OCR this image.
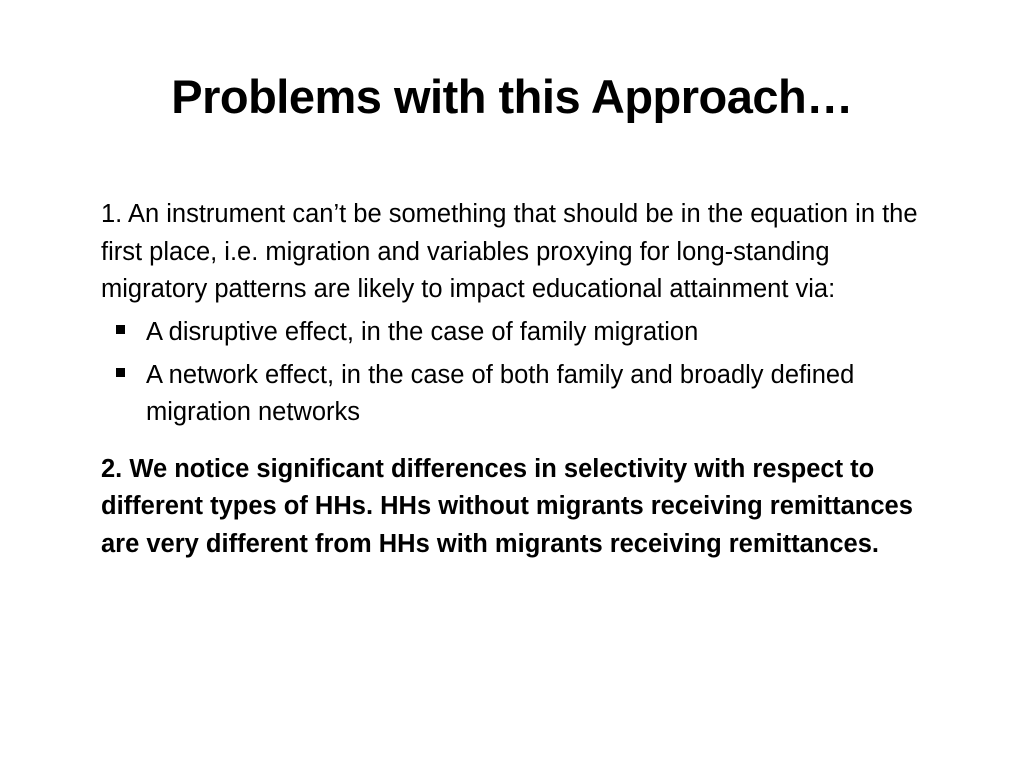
Problems with this Approach…

1. An instrument can’t be something that should be in the equation in the first place, i.e. migration and variables proxying for long-standing migratory patterns are likely to impact educational attainment via:

A disruptive effect, in the case of family migration
A network effect, in the case of both family and broadly defined migration networks

2. We notice significant differences in selectivity with respect to different types of HHs. HHs without migrants receiving remittances are very different from HHs with migrants receiving remittances.
